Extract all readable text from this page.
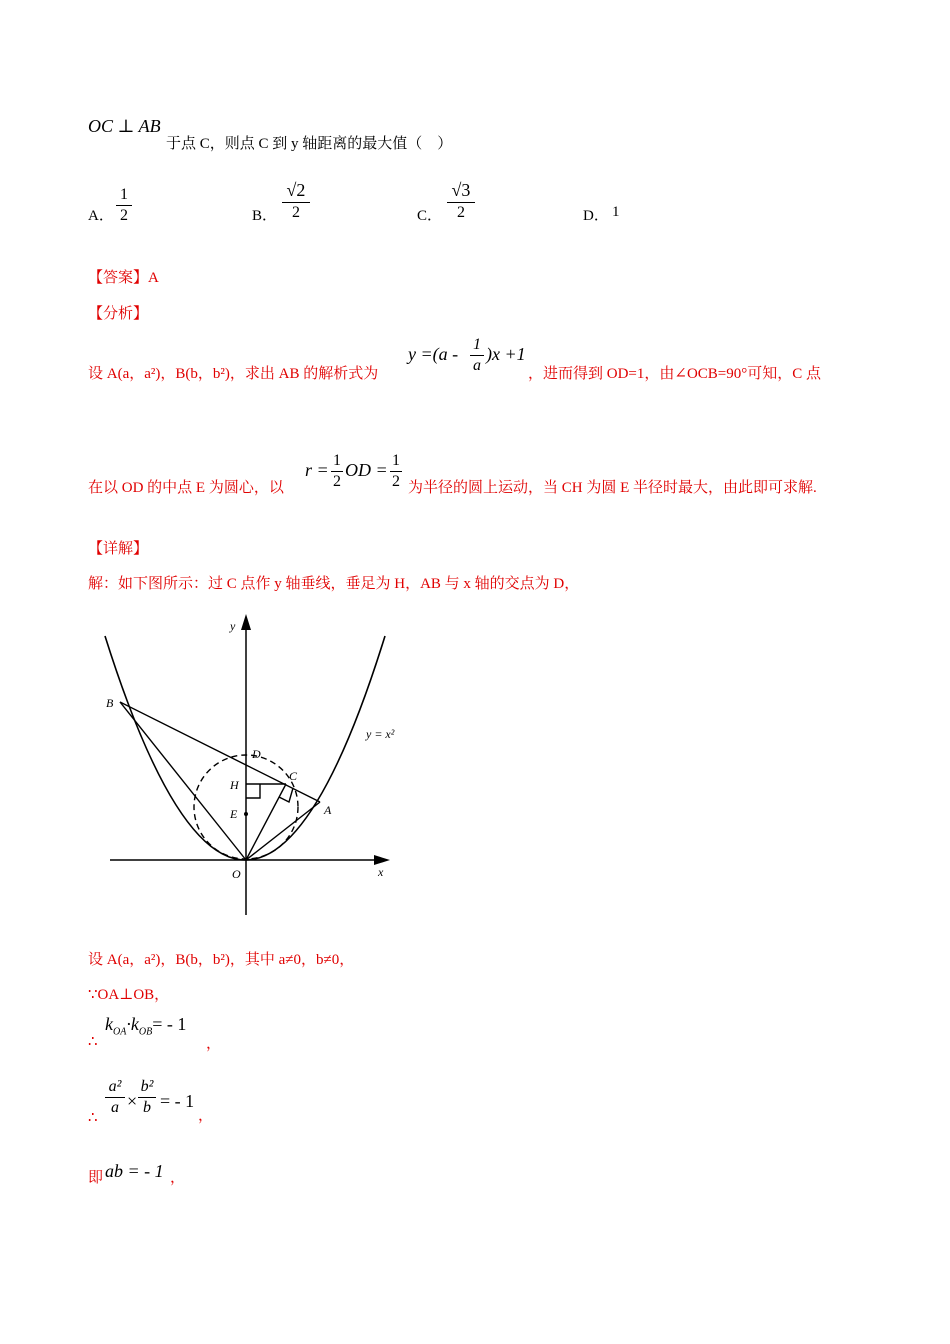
OC ⊥ AB
于点 C，则点 C 到 y 轴距离的最大值（　）
A．
1
2	B．
√2
2	C．
√3
2	D． 1
【答案】A
【分析】
设 A(a，a²)，B(b，b²)，求出 AB 的解析式为
y =(a - 1
a
)x +1
，进而得到 OD=1，由∠OCB=90°可知，C 点
在以 OD 的中点 E 为圆心，以
r = 1
2
OD = 1
2 为半径的圆上运动，当 CH 为圆 E 半径时最大，由此即可求解.
【详解】
解：如下图所示：过 C 点作 y 轴垂线，垂足为 H，AB 与 x 轴的交点为 D，
y
x
y = x²
B
D
C
H
E	A
O
设 A(a，a²)，B(b，b²)，其中 a≠0，b≠0，
∵OA⊥OB，
∴
$k_{OA}\cdot k_{OB}= - 1$
，
∴
a²
a ×
b²
b = - 1
，
即 ab = - 1 ，
